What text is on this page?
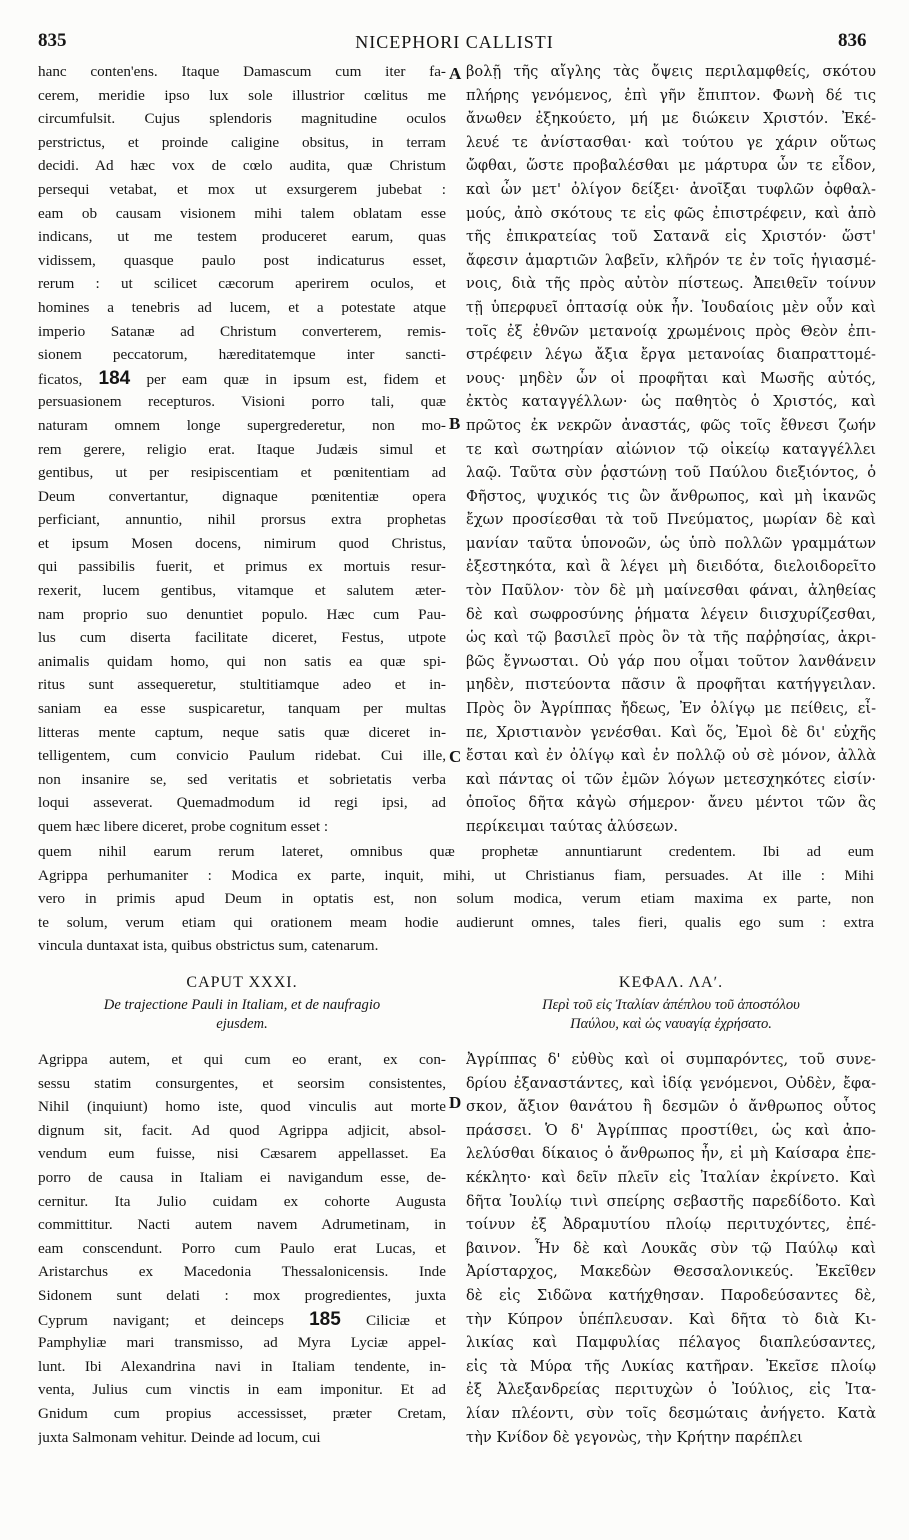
835	NICEPHORI CALLISTI	836
hanc conten'ens. Itaque Damascum cum iter fa-
cerem, meridie ipso lux sole illustrior cœlitus me
circumfulsit. Cujus splendoris magnitudine oculos
perstrictus, et proinde caligine obsitus, in terram
decidi. Ad hæc vox de cœlo audita, quæ Christum
persequi vetabat, et mox ut exsurgerem jubebat :
eam ob causam visionem mihi talem oblatam esse
indicans, ut me testem produceret earum, quas
vidissem, quasque paulo post indicaturus esset,
rerum : ut scilicet cæcorum aperirem oculos, et
homines a tenebris ad lucem, et a potestate atque
imperio Satanæ ad Christum converterem, remis-
sionem peccatorum, hæreditatemque inter sancti-
ficatos, 184 per eam quæ in ipsum est, fidem et
persuasionem recepturos. Visioni porro tali, quæ
naturam omnem longe supergrederetur, non mo-
rem gerere, religio erat. Itaque Judæis simul et
gentibus, ut per resipiscentiam et pœnitentiam ad
Deum convertantur, dignaque pœnitentiæ opera
perficiant, annuntio, nihil prorsus extra prophetas
et ipsum Mosen docens, nimirum quod Christus,
qui passibilis fuerit, et primus ex mortuis resur-
rexerit, lucem gentibus, vitamque et salutem æter-
nam proprio suo denuntiet populo. Hæc cum Pau-
lus cum diserta facilitate diceret, Festus, utpote
animalis quidam homo, qui non satis ea quæ spi-
ritus sunt assequeretur, stultitiamque adeo et in-
saniam ea esse suspicaretur, tanquam per multas
litteras mente captum, neque satis quæ diceret in-
telligentem, cum convicio Paulum ridebat. Cui ille,
non insanire se, sed veritatis et sobrietatis verba
loqui asseverat. Quemadmodum id regi ipsi, ad
quem hæc libere diceret, probe cognitum esset :
βολῇ τῆς αἴγλης τὰς ὄψεις περιλαμφθείς, σκότου
πλήρης γενόμενος, ἐπὶ γῆν ἔπιπτον. Φωνὴ δέ τις
ἄνωθεν ἐξηκούετο, μή με διώκειν Χριστόν. Ἐκέ-
λευέ τε ἀνίστασθαι· καὶ τούτου γε χάριν οὕτως
ὤφθαι, ὥστε προβαλέσθαι με μάρτυρα ὧν τε εἶδον,
καὶ ὧν μετ' ὀλίγον δείξει· ἀνοῖξαι τυφλῶν ὀφθαλ-
μούς, ἀπὸ σκότους τε εἰς φῶς ἐπιστρέφειν, καὶ ἀπὸ
τῆς ἐπικρατείας τοῦ Σατανᾶ εἰς Χριστόν· ὥστ'
ἄφεσιν ἁμαρτιῶν λαβεῖν, κλῆρόν τε ἐν τοῖς ἡγιασμέ-
νοις, διὰ τῆς πρὸς αὐτὸν πίστεως. Ἀπειθεῖν τοίνυν
τῇ ὑπερφυεῖ ὀπτασίᾳ οὐκ ἦν. Ἰουδαίοις μὲν οὖν καὶ
τοῖς ἐξ ἐθνῶν μετανοίᾳ χρωμένοις πρὸς Θεὸν ἐπι-
στρέφειν λέγω ἄξια ἔργα μετανοίας διαπραττομέ-
νους· μηδὲν ὧν οἱ προφῆται καὶ Μωσῆς αὐτός,
ἐκτὸς καταγγέλλων· ὡς παθητὸς ὁ Χριστός, καὶ
πρῶτος ἐκ νεκρῶν ἀναστάς, φῶς τοῖς ἔθνεσι ζωήν
τε καὶ σωτηρίαν αἰώνιον τῷ οἰκείῳ καταγγέλλει
λαῷ. Ταῦτα σὺν ῥᾳστώνῃ τοῦ Παύλου διεξιόντος, ὁ
Φῆστος, ψυχικός τις ὢν ἄνθρωπος, καὶ μὴ ἱκανῶς
ἔχων προσίεσθαι τὰ τοῦ Πνεύματος, μωρίαν δὲ καὶ
μανίαν ταῦτα ὑπονοῶν, ὡς ὑπὸ πολλῶν γραμμάτων
ἐξεστηκότα, καὶ ἃ λέγει μὴ διειδότα, διελοιδορεῖτο
τὸν Παῦλον· τὸν δὲ μὴ μαίνεσθαι φάναι, ἀληθείας
δὲ καὶ σωφροσύνης ῥήματα λέγειν διισχυρίζεσθαι,
ὡς καὶ τῷ βασιλεῖ πρὸς ὃν τὰ τῆς παῤῥησίας, ἀκρι-
βῶς ἔγνωσται. Οὐ γάρ που οἶμαι τοῦτον λανθάνειν
μηδὲν, πιστεύοντα πᾶσιν ἃ προφῆται κατήγγειλαν.
Πρὸς ὃν Ἀγρίππας ἤδεως, Ἐν ὀλίγῳ με πείθεις, εἶ-
πε, Χριστιανὸν γενέσθαι. Καὶ ὅς, Ἐμοὶ δὲ δι' εὐχῆς
ἔσται καὶ ἐν ὀλίγῳ καὶ ἐν πολλῷ οὐ σὲ μόνον, ἀλλὰ
καὶ πάντας οἱ τῶν ἐμῶν λόγων μετεσχηκότες εἰσίν·
ὁποῖος δῆτα κἀγὼ σήμερον· ἄνευ μέντοι τῶν ἃς
περίκειμαι ταύτας ἁλύσεων.
A
B
C
D
quem nihil earum rerum lateret, omnibus quæ prophetæ annuntiarunt credentem. Ibi ad eum
Agrippa perhumaniter : Modica ex parte, inquit, mihi, ut Christianus fiam, persuades. At ille : Mihi
vero in primis apud Deum in optatis est, non solum modica, verum etiam maxima ex parte, non
te solum, verum etiam qui orationem meam hodie audierunt omnes, tales fieri, qualis ego sum : extra
vincula duntaxat ista, quibus obstrictus sum, catenarum.
CAPUT XXXI.	ΚΕΦΑΛ. ΛΑʹ.
De trajectione Pauli in Italiam, et de naufragio
ejusdem.
Περὶ τοῦ εἰς Ἰταλίαν ἀπέπλου τοῦ ἀποστόλου
Παύλου, καὶ ὡς ναυαγίᾳ ἐχρήσατο.
Agrippa autem, et qui cum eo erant, ex con-
sessu statim consurgentes, et seorsim consistentes,
Nihil (inquiunt) homo iste, quod vinculis aut morte
dignum sit, facit. Ad quod Agrippa adjicit, absol-
vendum eum fuisse, nisi Cæsarem appellasset. Ea
porro de causa in Italiam ei navigandum esse, de-
cernitur. Ita Julio cuidam ex cohorte Augusta
committitur. Nacti autem navem Adrumetinam, in
eam conscendunt. Porro cum Paulo erat Lucas, et
Aristarchus ex Macedonia Thessalonicensis. Inde
Sidonem sunt delati : mox progredientes, juxta
Cyprum navigant; et deinceps 185 Ciliciæ et
Pamphyliæ mari transmisso, ad Myra Lyciæ appel-
lunt. Ibi Alexandrina navi in Italiam tendente, in-
venta, Julius cum vinctis in eam imponitur. Et ad
Gnidum cum propius accessisset, præter Cretam,
juxta Salmonam vehitur. Deinde ad locum, cui
Ἀγρίππας δ' εὐθὺς καὶ οἱ συμπαρόντες, τοῦ συνε-
δρίου ἐξαναστάντες, καὶ ἰδίᾳ γενόμενοι, Οὐδὲν, ἔφα-
σκον, ἄξιον θανάτου ἢ δεσμῶν ὁ ἄνθρωπος οὗτος
πράσσει. Ὁ δ' Ἀγρίππας προστίθει, ὡς καὶ ἀπο-
λελύσθαι δίκαιος ὁ ἄνθρωπος ἦν, εἰ μὴ Καίσαρα ἐπε-
κέκλητο· καὶ δεῖν πλεῖν εἰς Ἰταλίαν ἐκρίνετο. Καὶ
δῆτα Ἰουλίῳ τινὶ σπείρης σεβαστῆς παρεδίδοτο. Καὶ
τοίνυν ἐξ Ἀδραμυτίου πλοίῳ περιτυχόντες, ἐπέ-
βαινον. Ἦν δὲ καὶ Λουκᾶς σὺν τῷ Παύλῳ καὶ
Ἀρίσταρχος, Μακεδὼν Θεσσαλονικεύς. Ἐκεῖθεν
δὲ εἰς Σιδῶνα κατήχθησαν. Παροδεύσαντες δὲ,
τὴν Κύπρον ὑπέπλευσαν. Καὶ δῆτα τὸ διὰ Κι-
λικίας καὶ Παμφυλίας πέλαγος διαπλεύσαντες,
εἰς τὰ Μύρα τῆς Λυκίας κατῆραν. Ἐκεῖσε πλοίῳ
ἐξ Ἀλεξανδρείας περιτυχὼν ὁ Ἰούλιος, εἰς Ἰτα-
λίαν πλέοντι, σὺν τοῖς δεσμώταις ἀνήγετο. Κατὰ
τὴν Κνίδον δὲ γεγονὼς, τὴν Κρήτην παρέπλει
